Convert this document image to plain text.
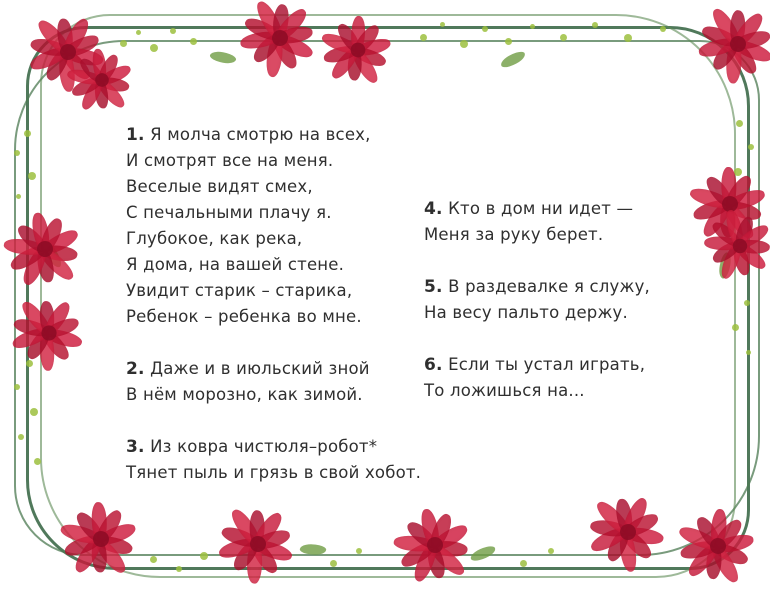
1. Я молча смотрю на всех,
И смотрят все на меня.
Веселые видят смех,
С печальными плачу я.
Глубокое, как река,
Я дома, на вашей стене.
Увидит старик – старика,
Ребенок – ребенка во мне.

2. Даже и в июльский зной
В нём морозно, как зимой.

3. Из ковра чистюля–робот*
Тянет пыль и грязь в свой хобот.

4. Кто в дом ни идет —
Меня за руку берет.

5. В раздевалке я служу,
На весу пальто держу.

6. Если ты устал играть,
То ложишься на...
